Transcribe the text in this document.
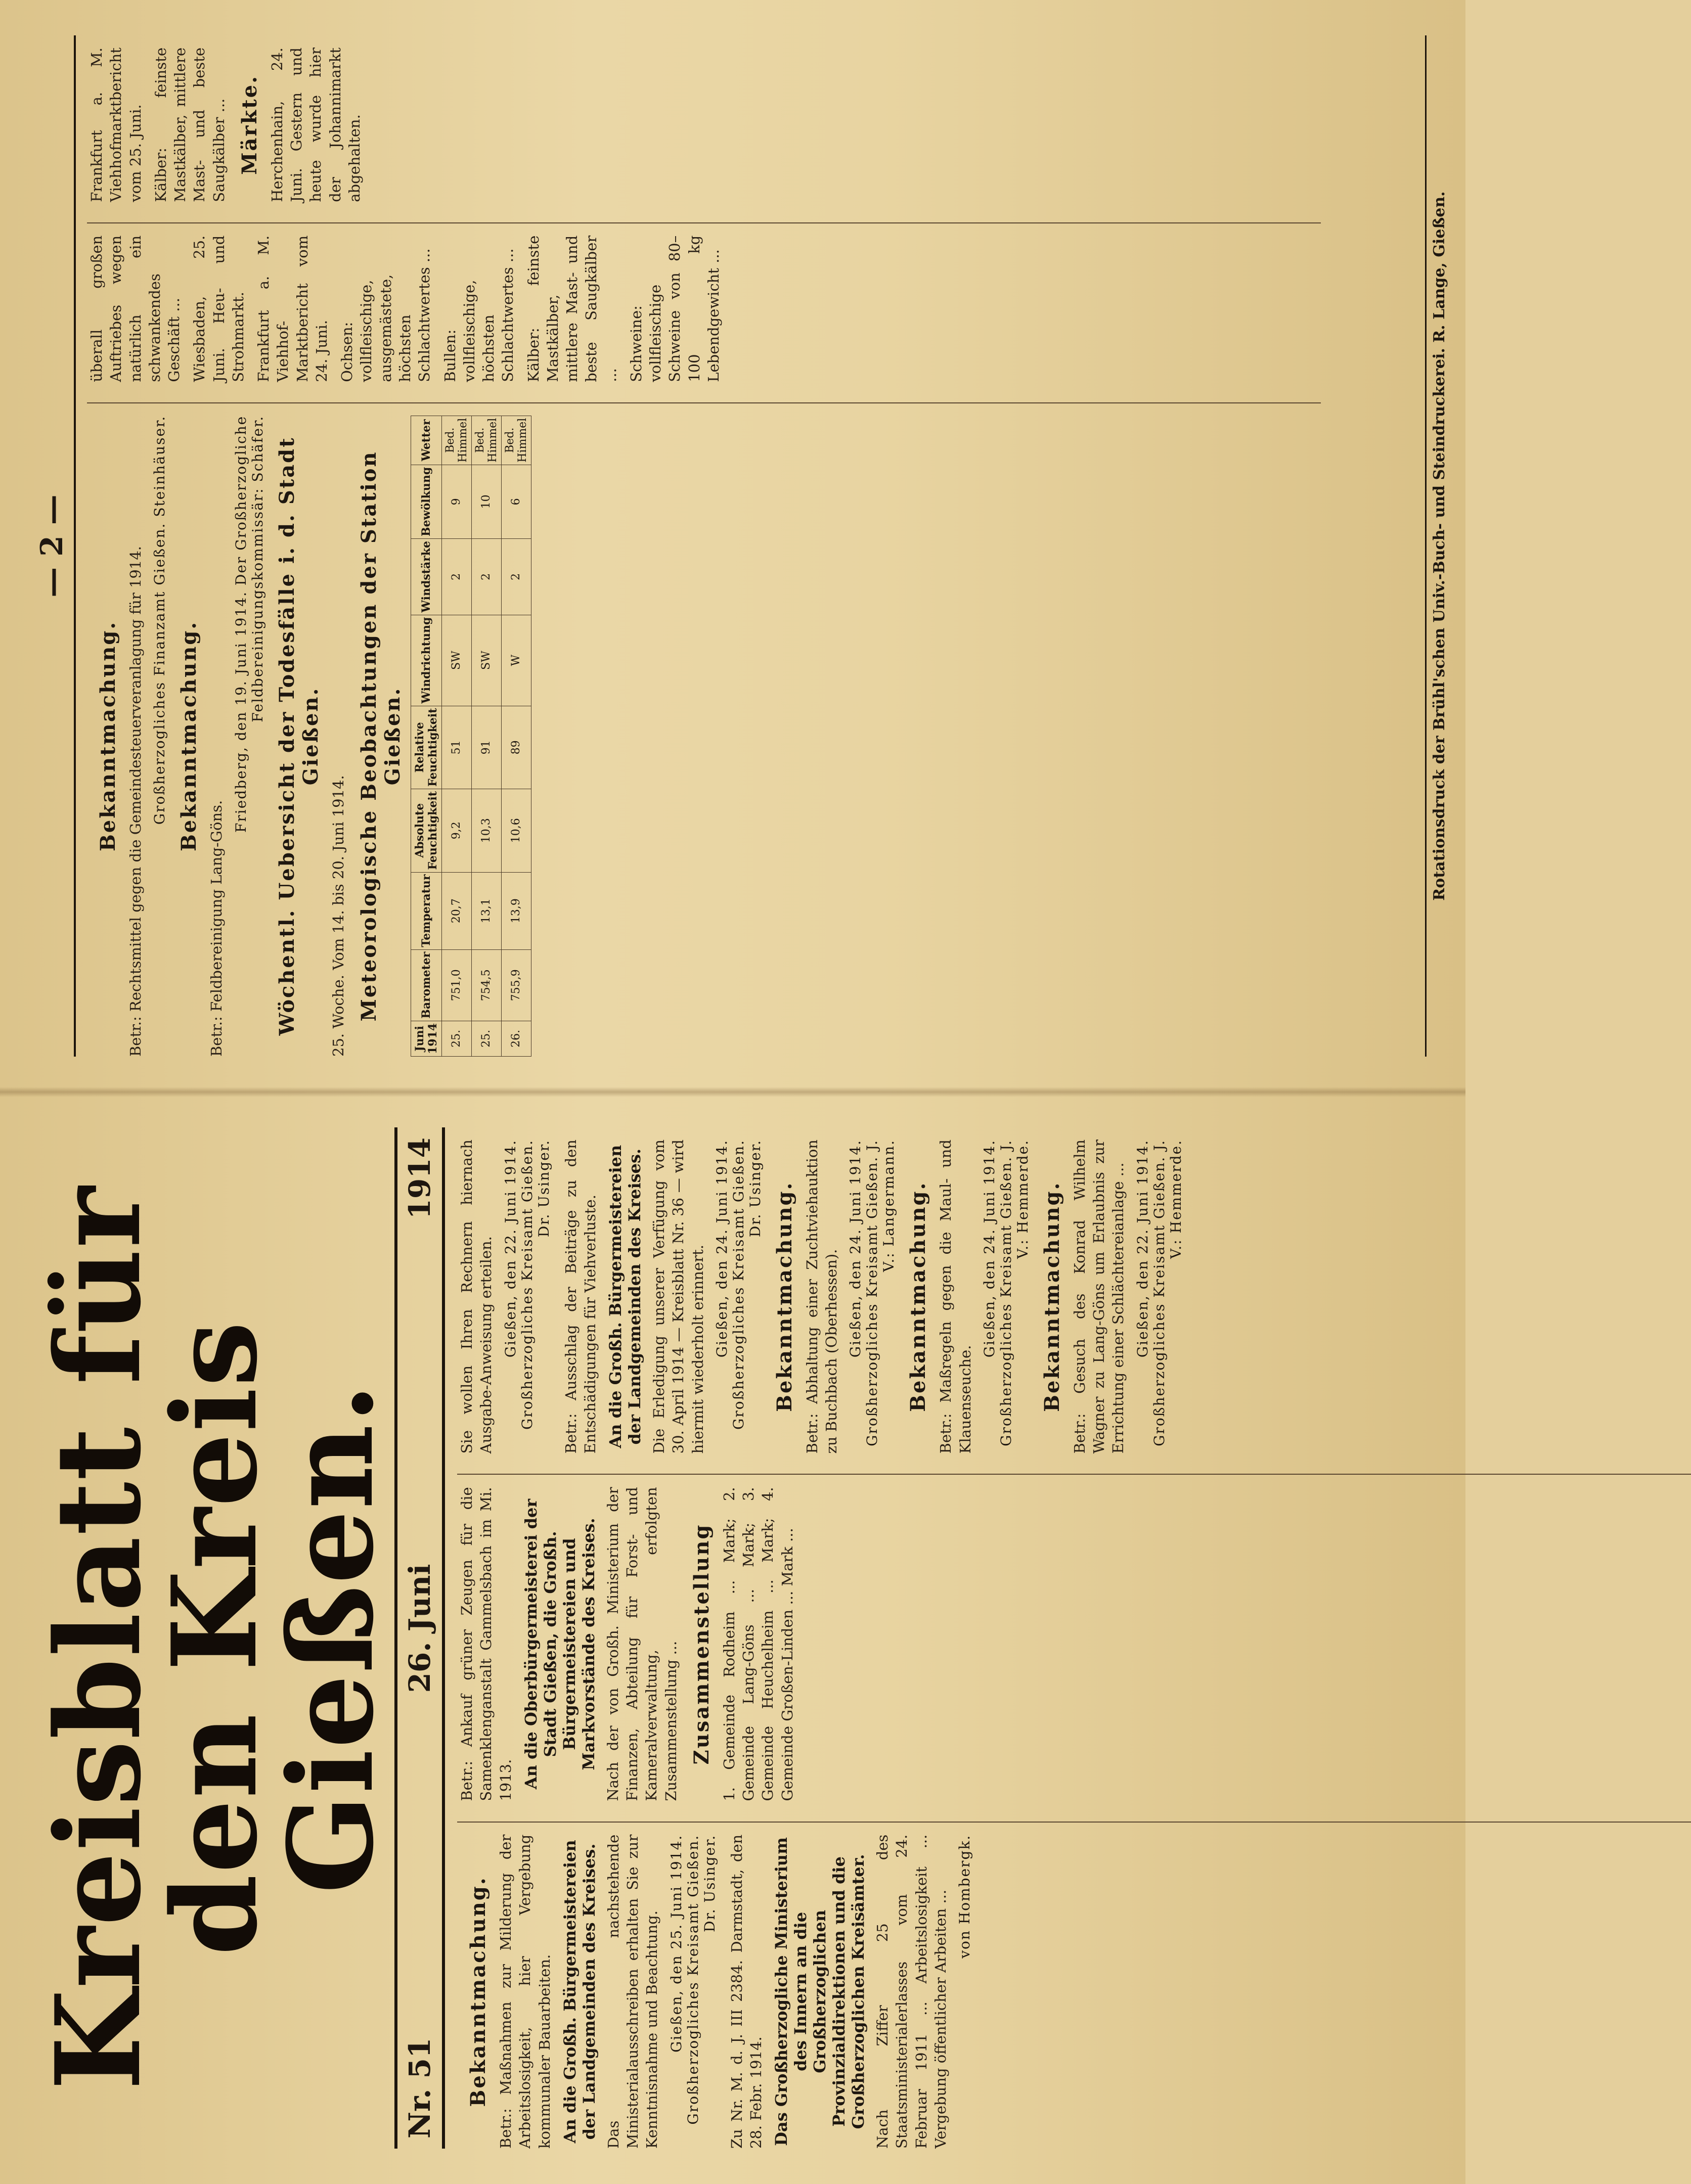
Kreisblatt für den Kreis Gießen.
Nr. 51
26. Juni
1914
Bekanntmachung. Betr.: Maßnahmen zur Milderung der Arbeitslosigkeit, hier Vergebung kommunaler Bauarbeiten. An die Großh. Bürgermeistereien der Landgemeinden des Kreises. Das nachstehende Ministerialausschreiben erhalten Sie zur Kenntnisnahme und Beachtung. Gießen, den 25. Juni 1914. Großherzogliches Kreisamt Gießen. Dr. Usinger. Zu Nr. M. d. J. III 2384. Darmstadt, den 28. Febr. 1914. Das Großherzogliche Ministerium des Innern an die Großherzoglichen Provinzialdirektionen und die Großherzoglichen Kreisämter. Nach Ziffer 25 des Staatsministerialerlasses vom 24. Februar 1911 ... Arbeitslosigkeit ... Vergebung öffentlicher Arbeiten ... von Hombergk.

Betr.: Ankauf grüner Zeugen für die Samenklenganstalt Gammelsbach im Mi. 1913. An die Oberbürgermeisterei der Stadt Gießen, die Großh. Bürgermeistereien und Markvorstände des Kreises. Nach der von Großh. Ministerium der Finanzen, Abteilung für Forst- und Kameralverwaltung, erfolgten Zusammenstellung ... Zusammenstellung 1. Gemeinde Rodheim ... Mark; 2. Gemeinde Lang-Göns ... Mark; 3. Gemeinde Heuchelheim ... Mark; 4. Gemeinde Großen-Linden ... Mark ...

Sie wollen Ihren Rechnern hiernach Ausgabe-Anweisung erteilen. Gießen, den 22. Juni 1914. Großherzogliches Kreisamt Gießen. Dr. Usinger. Betr.: Ausschlag der Beiträge zu den Entschädigungen für Viehverluste. An die Großh. Bürgermeistereien der Landgemeinden des Kreises. Die Erledigung unserer Verfügung vom 30. April 1914 — Kreisblatt Nr. 36 — wird hiermit wiederholt erinnert. Gießen, den 24. Juni 1914. Großherzogliches Kreisamt Gießen. Dr. Usinger. Bekanntmachung. Betr.: Abhaltung einer Zuchtviehauktion zu Buchbach (Oberhessen). Gießen, den 24. Juni 1914. Großherzogliches Kreisamt Gießen. J. V.: Langermann. Bekanntmachung. Betr.: Maßregeln gegen die Maul- und Klauenseuche.

Gießen, den 24. Juni 1914. Großherzogliches Kreisamt Gießen. J. V.: Hemmerde. Bekanntmachung. Betr.: Gesuch des Konrad Wilhelm Wagner zu Lang-Göns um Erlaubnis zur Errichtung einer Schlächtereianlage ... Gießen, den 22. Juni 1914. Großherzogliches Kreisamt Gießen. J. V.: Hemmerde.

— 2 —
Bekanntmachung. Betr.: Rechtsmittel gegen die Gemeindesteuerveranlagung für 1914. Großherzogliches Finanzamt Gießen. Steinhäuser. Bekanntmachung.

Betr.: Feldbereinigung Lang-Göns.

Friedberg, den 19. Juni 1914. Der Großherzogliche Feldbereinigungskommissär: Schäfer. Wöchentl. Uebersicht der Todesfälle i. d. Stadt Gießen.

25. Woche. Vom 14. bis 20. Juni 1914. Meteorologische Beobachtungen der Station Gießen.
Juni 1914	Barometer	Temperatur	Absolute Feuchtigkeit	Relative Feuchtigkeit	Windrichtung	Windstärke	Bewölkung	Wetter
25.	751,0	20,7	9,2	51	SW	2	9	Bed. Himmel
25.	754,5	13,1	10,3	91	SW	2	10	Bed. Himmel
26.	755,9	13,9	10,6	89	W	2	6	Bed. Himmel

überall großen Auftriebes wegen natürlich ein schwankendes Geschäft ... Wiesbaden, 25. Juni. Heu- und Strohmarkt. Frankfurt a. M. Viehhof-Marktbericht vom 24. Juni. Ochsen: vollfleischige, ausgemästete, höchsten Schlachtwertes ... Bullen: vollfleischige, höchsten Schlachtwertes ... Kälber: feinste Mastkälber, mittlere Mast- und beste Saugkälber ... Schweine: vollfleischige Schweine von 80–100 kg Lebendgewicht ...

Frankfurt a. M. Viehhofmarktbericht vom 25. Juni. Kälber: feinste Mastkälber, mittlere Mast- und beste Saugkälber ... Märkte. Herchenhain, 24. Juni. Gestern und heute wurde hier der Johannimarkt abgehalten.

Rotationsdruck der Brühl'schen Univ.-Buch- und Steindruckerei. R. Lange, Gießen.
